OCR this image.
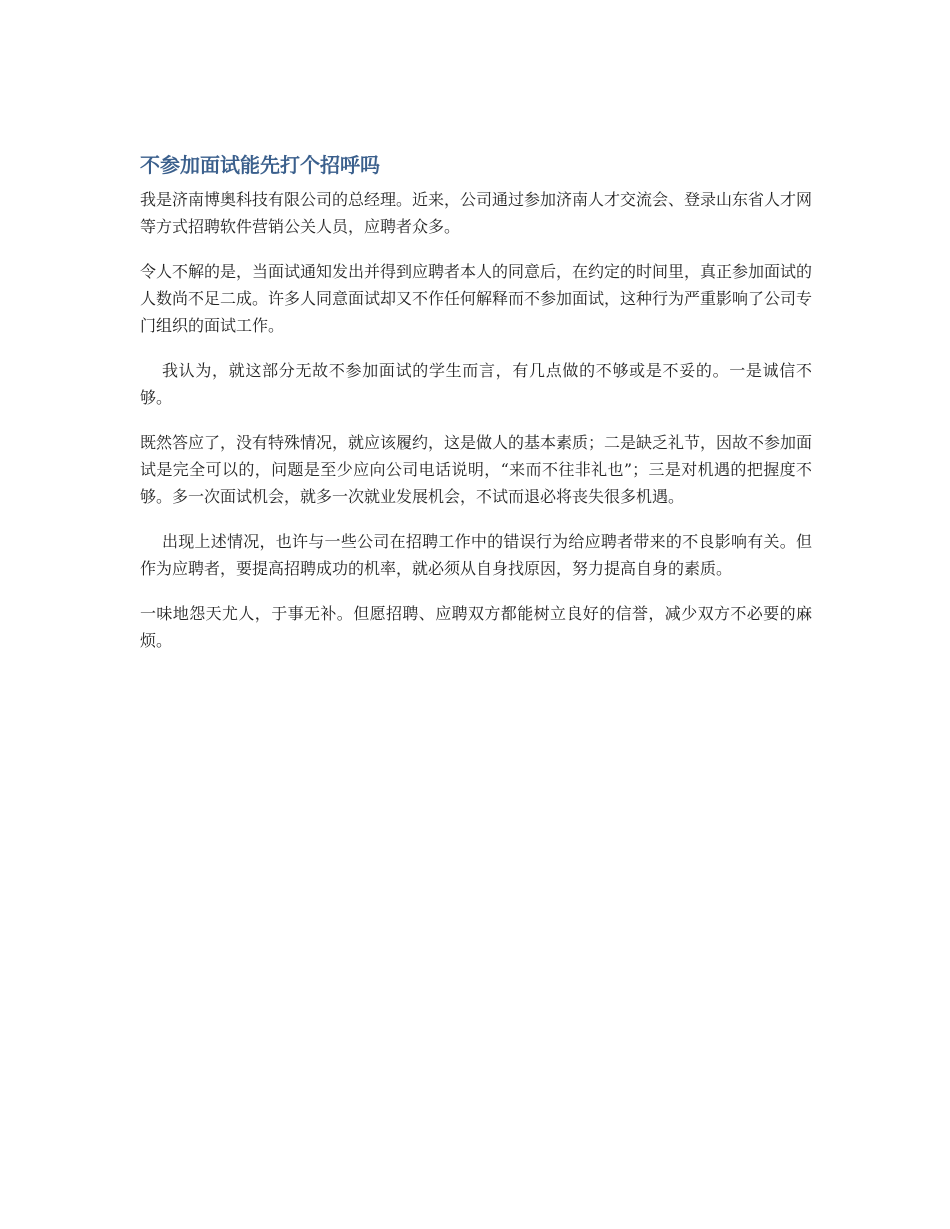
不参加面试能先打个招呼吗

我是济南博奥科技有限公司的总经理。近来，公司通过参加济南人才交流会、登录山东省人才网等方式招聘软件营销公关人员，应聘者众多。

令人不解的是，当面试通知发出并得到应聘者本人的同意后，在约定的时间里，真正参加面试的人数尚不足二成。许多人同意面试却又不作任何解释而不参加面试，这种行为严重影响了公司专门组织的面试工作。

我认为，就这部分无故不参加面试的学生而言，有几点做的不够或是不妥的。一是诚信不够。

既然答应了，没有特殊情况，就应该履约，这是做人的基本素质；二是缺乏礼节，因故不参加面试是完全可以的，问题是至少应向公司电话说明，“来而不往非礼也”；三是对机遇的把握度不够。多一次面试机会，就多一次就业发展机会，不试而退必将丧失很多机遇。

出现上述情况，也许与一些公司在招聘工作中的错误行为给应聘者带来的不良影响有关。但作为应聘者，要提高招聘成功的机率，就必须从自身找原因，努力提高自身的素质。

一味地怨天尤人，于事无补。但愿招聘、应聘双方都能树立良好的信誉，减少双方不必要的麻烦。
